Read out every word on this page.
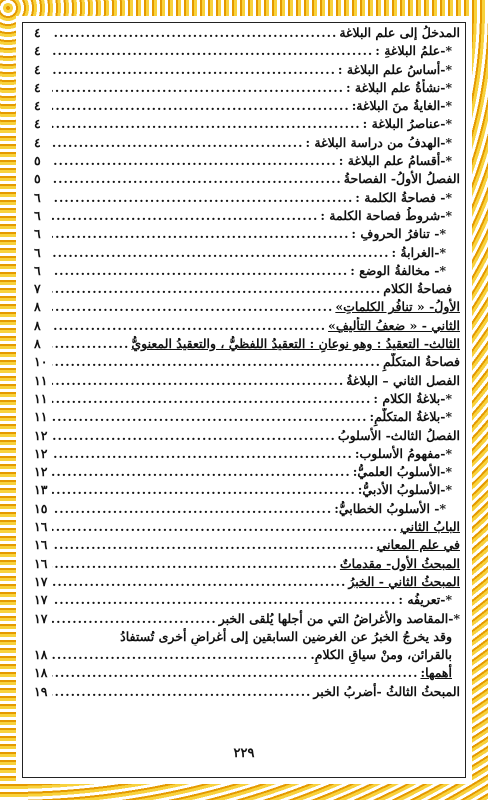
المدخلُ إلى علم البلاغة
.....
٤
*-علمُ البلاغةِ :
.....
٤
*-أساسُ علم البلاغة :
.....
٤
*-نشأةُ علم البلاغة :
.....
٤
*-الغايةُ منَ البلاغة:
.....
٤
*-عناصرُ البلاغة :
.....
٤
*-الهدفُ من دراسة البلاغة :
.....
٤
*-أقسامُ علم البلاغة :
.....
٥
الفصلُ الأولُ- الفصاحةُ
.....
٥
*- فصاحةُ الكلمة :
.....
٦
*-شروطُ فصاحة الكلمة :
.....
٦
*- تنافرُ الحروفِ :
.....
٦
*-الغرابةُ :
.....
٦
*- مخالفةُ الوضع :
.....
٦
فصاحةُ الكلام
.....
٧
الأولُ- « تنافُر الكلماتِ»
.....
٨
الثاني - « ضعفُ التأليفِ»
.....
٨
الثالث- التعقيدُ : وهو نوعانِ : التعقيدُ اللفظيُّ ، والتعقيدُ المعنويُّ
.....
٨
فصاحةُ المتكلّمِ
.....
١٠
الفصل الثاني – البلاغةُ
.....
١١
*-بلاغةُ الكلام :
.....
١١
*-بلاغةُ المتكلّمِ:
.....
١١
الفصلُ الثالث- الأسلوبُ
.....
١٢
*-مفهومُ الأسلوب:
.....
١٢
*-الأسلوبُ العلميُّ:
.....
١٢
*-الأسلوبُ الأدبيُّ:
.....
١٣
*- الأسلوبُ الخطابيُّ:
.....
١٥
البابُ الثاني
.....
١٦
في علم المعاني
.....
١٦
المبحثُ الأول- مقدماتٌ
.....
١٦
المبحثُ الثاني - الخبرُ
.....
١٧
*-تعريفُه :
.....
١٧
*-المقاصد والأغراضُ التي من أجلها يُلقى الخبر
.....
١٧
وقد يخرجُ الخبرُ عن الغرضين السابقين إلى أغراضٍ أخرى تُستفادُ
بالقرائن، ومنْ سياقِ الكلامِ.
.....
١٨
أهمها:
.....
١٨
المبحثُ الثالثُ -أضربُ الخبر
.....
١٩
٢٢٩
